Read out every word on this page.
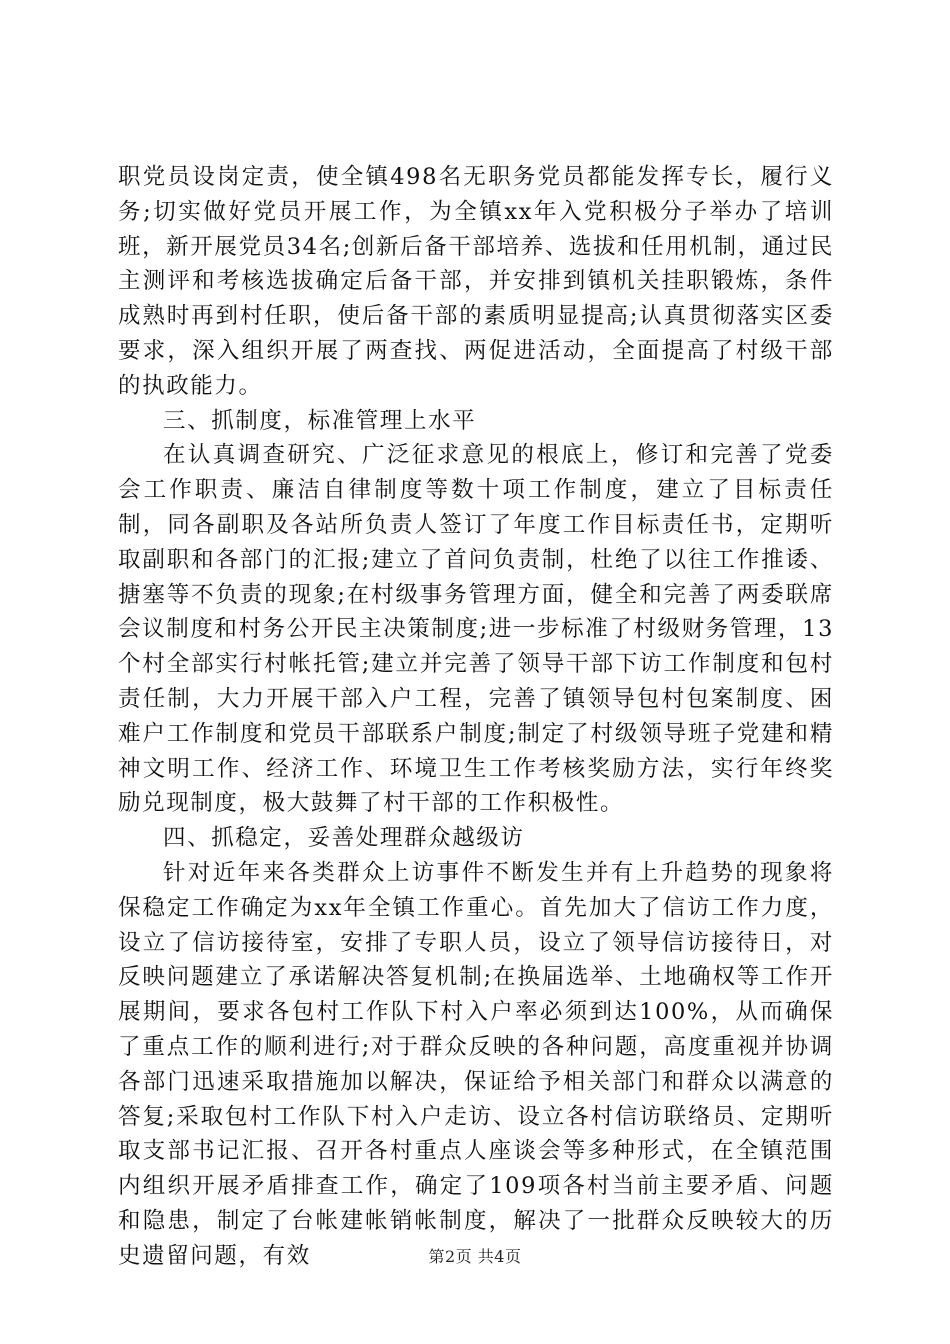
职党员设岗定责，使全镇498名无职务党员都能发挥专长，履行义务;切实做好党员开展工作，为全镇xx年入党积极分子举办了培训班，新开展党员34名;创新后备干部培养、选拔和任用机制，通过民主测评和考核选拔确定后备干部，并安排到镇机关挂职锻炼，条件成熟时再到村任职，使后备干部的素质明显提高;认真贯彻落实区委要求，深入组织开展了两查找、两促进活动，全面提高了村级干部的执政能力。

三、抓制度，标准管理上水平

在认真调查研究、广泛征求意见的根底上，修订和完善了党委会工作职责、廉洁自律制度等数十项工作制度，建立了目标责任制，同各副职及各站所负责人签订了年度工作目标责任书，定期听取副职和各部门的汇报;建立了首问负责制，杜绝了以往工作推诿、搪塞等不负责的现象;在村级事务管理方面，健全和完善了两委联席会议制度和村务公开民主决策制度;进一步标准了村级财务管理，13个村全部实行村帐托管;建立并完善了领导干部下访工作制度和包村责任制，大力开展干部入户工程，完善了镇领导包村包案制度、困难户工作制度和党员干部联系户制度;制定了村级领导班子党建和精神文明工作、经济工作、环境卫生工作考核奖励方法，实行年终奖励兑现制度，极大鼓舞了村干部的工作积极性。

四、抓稳定，妥善处理群众越级访

针对近年来各类群众上访事件不断发生并有上升趋势的现象将保稳定工作确定为xx年全镇工作重心。首先加大了信访工作力度，设立了信访接待室，安排了专职人员，设立了领导信访接待日，对反映问题建立了承诺解决答复机制;在换届选举、土地确权等工作开展期间，要求各包村工作队下村入户率必须到达100%，从而确保了重点工作的顺利进行;对于群众反映的各种问题，高度重视并协调各部门迅速采取措施加以解决，保证给予相关部门和群众以满意的答复;采取包村工作队下村入户走访、设立各村信访联络员、定期听取支部书记汇报、召开各村重点人座谈会等多种形式，在全镇范围内组织开展矛盾排查工作，确定了109项各村当前主要矛盾、问题和隐患，制定了台帐建帐销帐制度，解决了一批群众反映较大的历史遗留问题，有效	第2页 共4页
